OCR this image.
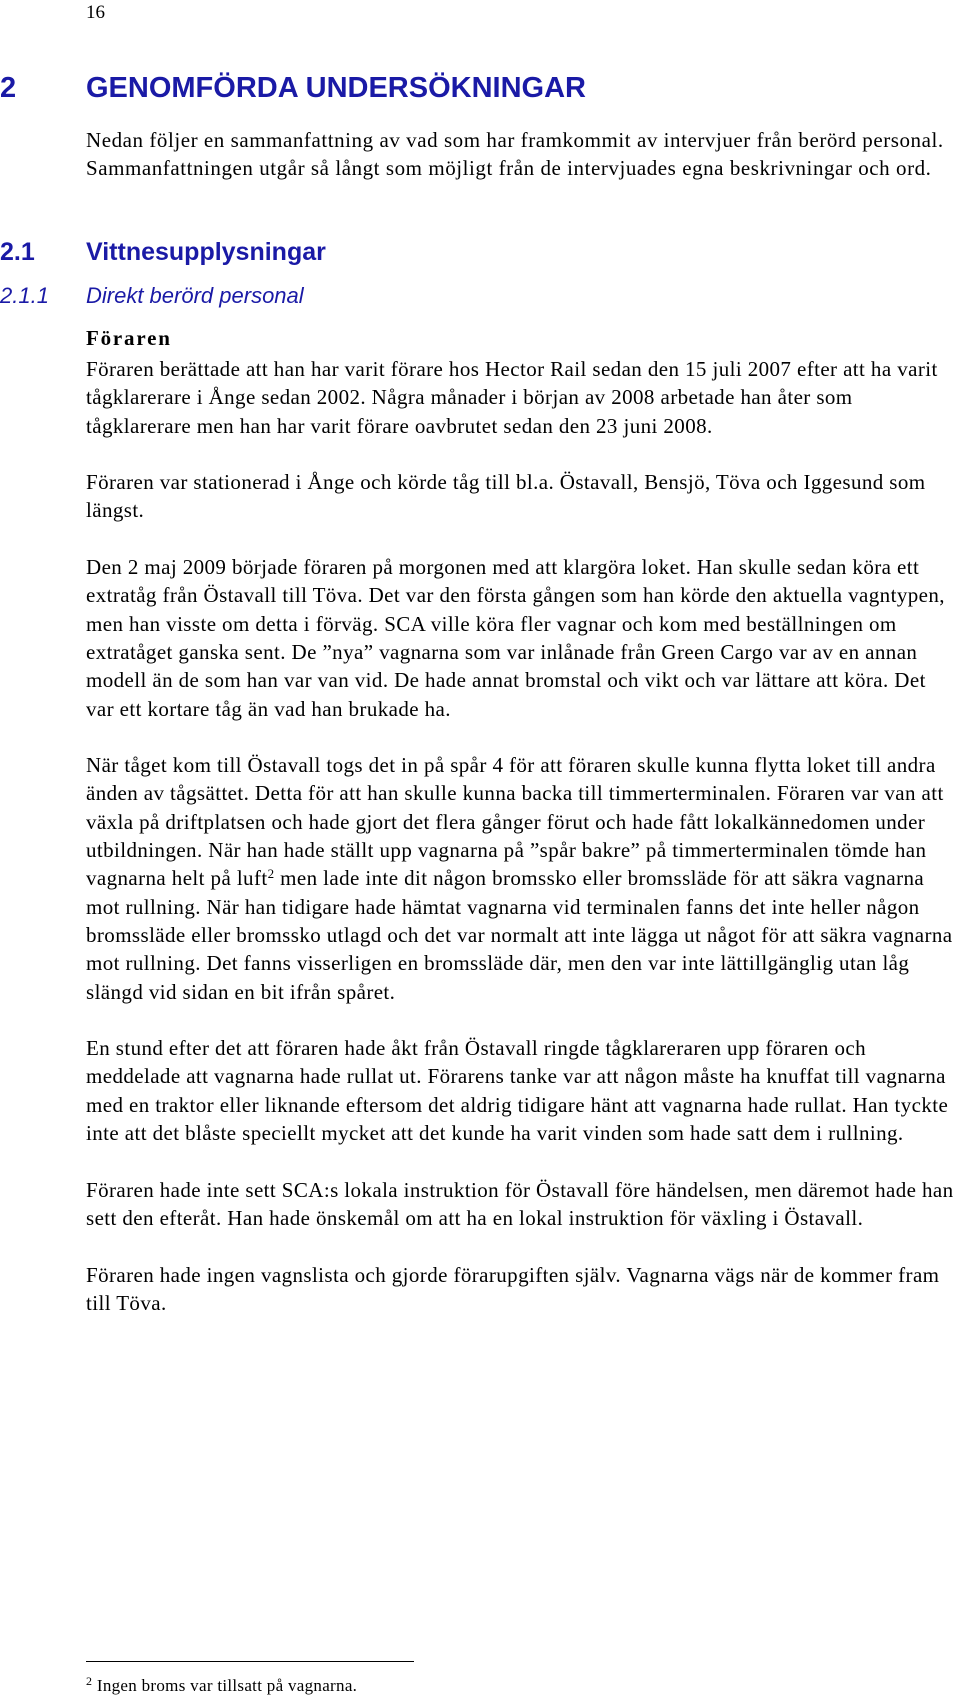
16
2 GENOMFÖRDA UNDERSÖKNINGAR
Nedan följer en sammanfattning av vad som har framkommit av intervjuer från berörd personal. Sammanfattningen utgår så långt som möjligt från de intervjuades egna beskrivningar och ord.
2.1 Vittnesupplysningar
2.1.1 Direkt berörd personal
Föraren

Föraren berättade att han har varit förare hos Hector Rail sedan den 15 juli 2007 efter att ha varit tågklarerare i Ånge sedan 2002. Några månader i början av 2008 arbetade han åter som tågklarerare men han har varit förare oavbrutet sedan den 23 juni 2008.

Föraren var stationerad i Ånge och körde tåg till bl.a. Östavall, Bensjö, Töva och Iggesund som längst.

Den 2 maj 2009 började föraren på morgonen med att klargöra loket. Han skulle sedan köra ett extratåg från Östavall till Töva. Det var den första gången som han körde den aktuella vagntypen, men han visste om detta i förväg. SCA ville köra fler vagnar och kom med beställningen om extratåget ganska sent. De ”nya” vagnarna som var inlånade från Green Cargo var av en annan modell än de som han var van vid. De hade annat bromstal och vikt och var lättare att köra. Det var ett kortare tåg än vad han brukade ha.

När tåget kom till Östavall togs det in på spår 4 för att föraren skulle kunna flytta loket till andra änden av tågsättet. Detta för att han skulle kunna backa till timmerterminalen. Föraren var van att växla på driftplatsen och hade gjort det flera gånger förut och hade fått lokalkännedomen under utbildningen. När han hade ställt upp vagnarna på ”spår bakre” på timmerterminalen tömde han vagnarna helt på luft$^2$ men lade inte dit någon bromssko eller bromssläde för att säkra vagnarna mot rullning. När han tidigare hade hämtat vagnarna vid terminalen fanns det inte heller någon bromssläde eller bromssko utlagd och det var normalt att inte lägga ut något för att säkra vagnarna mot rullning. Det fanns visserligen en bromssläde där, men den var inte lättillgänglig utan låg slängd vid sidan en bit ifrån spåret.

En stund efter det att föraren hade åkt från Östavall ringde tågklareraren upp föraren och meddelade att vagnarna hade rullat ut. Förarens tanke var att någon måste ha knuffat till vagnarna med en traktor eller liknande eftersom det aldrig tidigare hänt att vagnarna hade rullat. Han tyckte inte att det blåste speciellt mycket att det kunde ha varit vinden som hade satt dem i rullning.

Föraren hade inte sett SCA:s lokala instruktion för Östavall före händelsen, men däremot hade han sett den efteråt. Han hade önskemål om att ha en lokal instruktion för växling i Östavall.

Föraren hade ingen vagnslista och gjorde förarupgiften själv. Vagnarna vägs när de kommer fram till Töva.

$^2$ Ingen broms var tillsatt på vagnarna.
